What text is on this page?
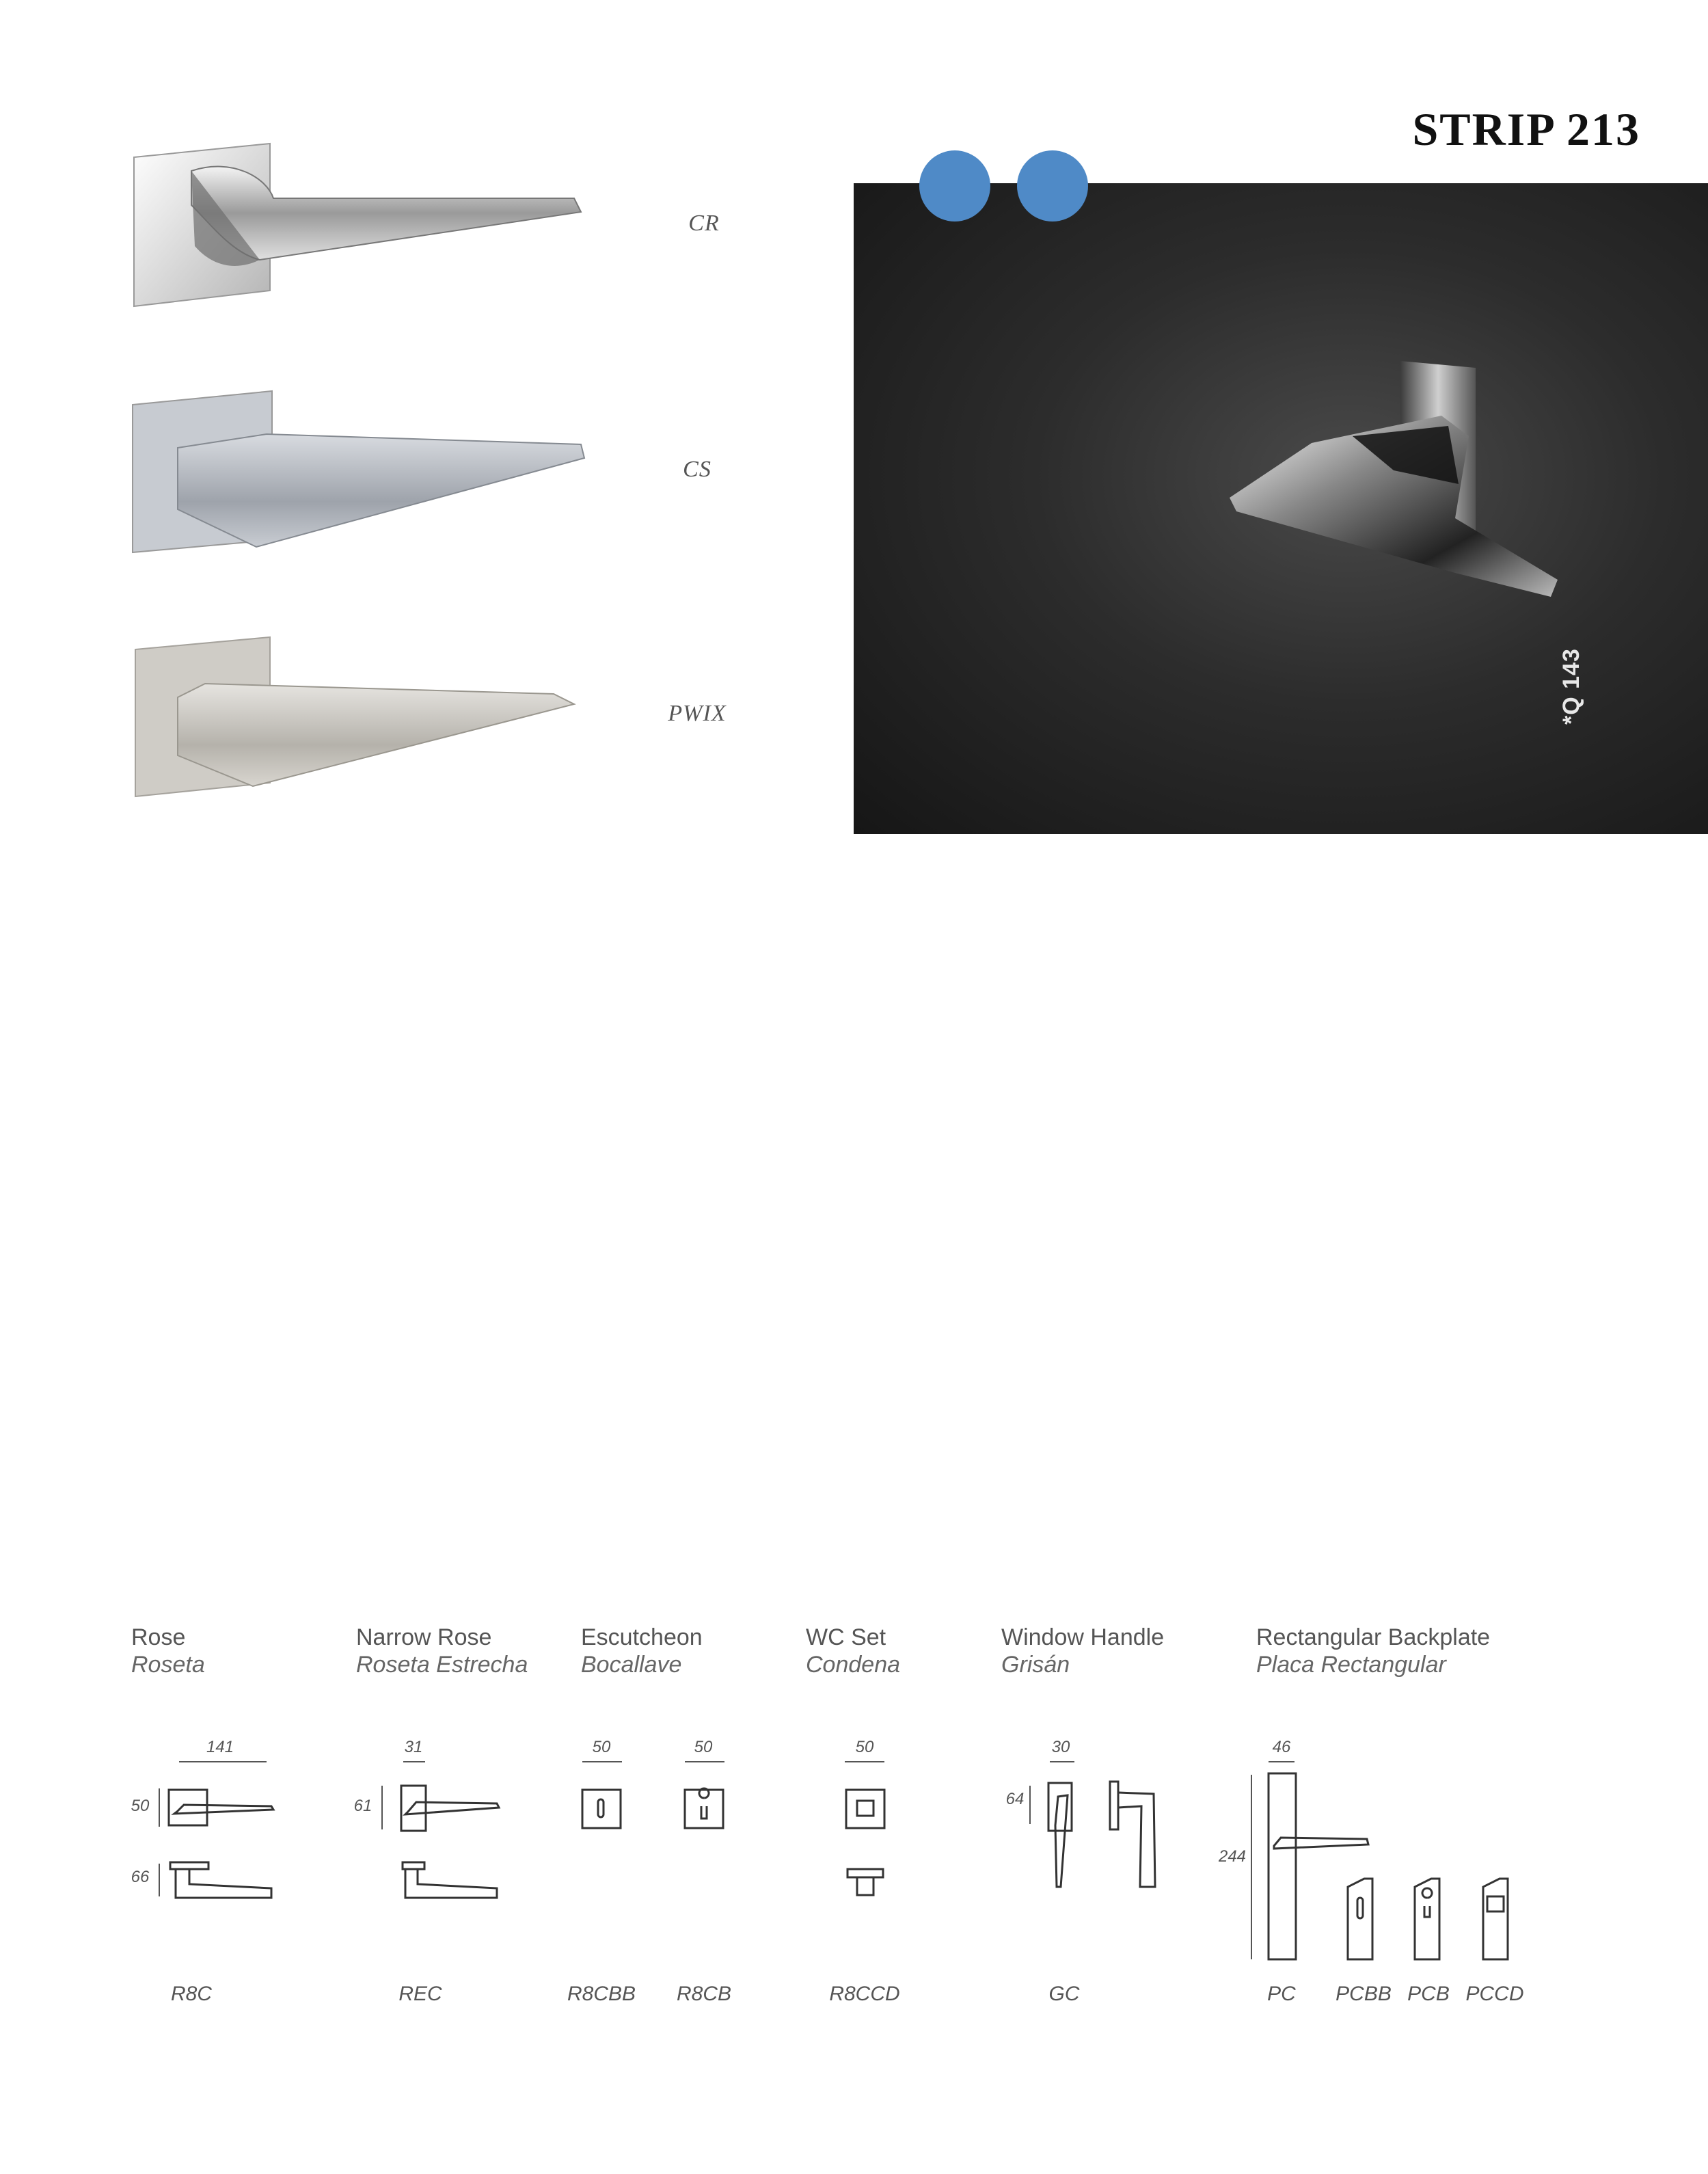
STRIP 213
CR
CS
PWIX	*Q 143
Rose
Roseta
Narrow Rose
Roseta Estrecha
Escutcheon
Bocallave
WC Set
Condena
Window Handle
Grisán
Rectangular Backplate
Placa Rectangular
141
50
66
R8C
31
61
REC
50	50
R8CBB	R8CB
50
R8CCD
30
64
GC
46
244
PC	PCBB PCB PCCD
